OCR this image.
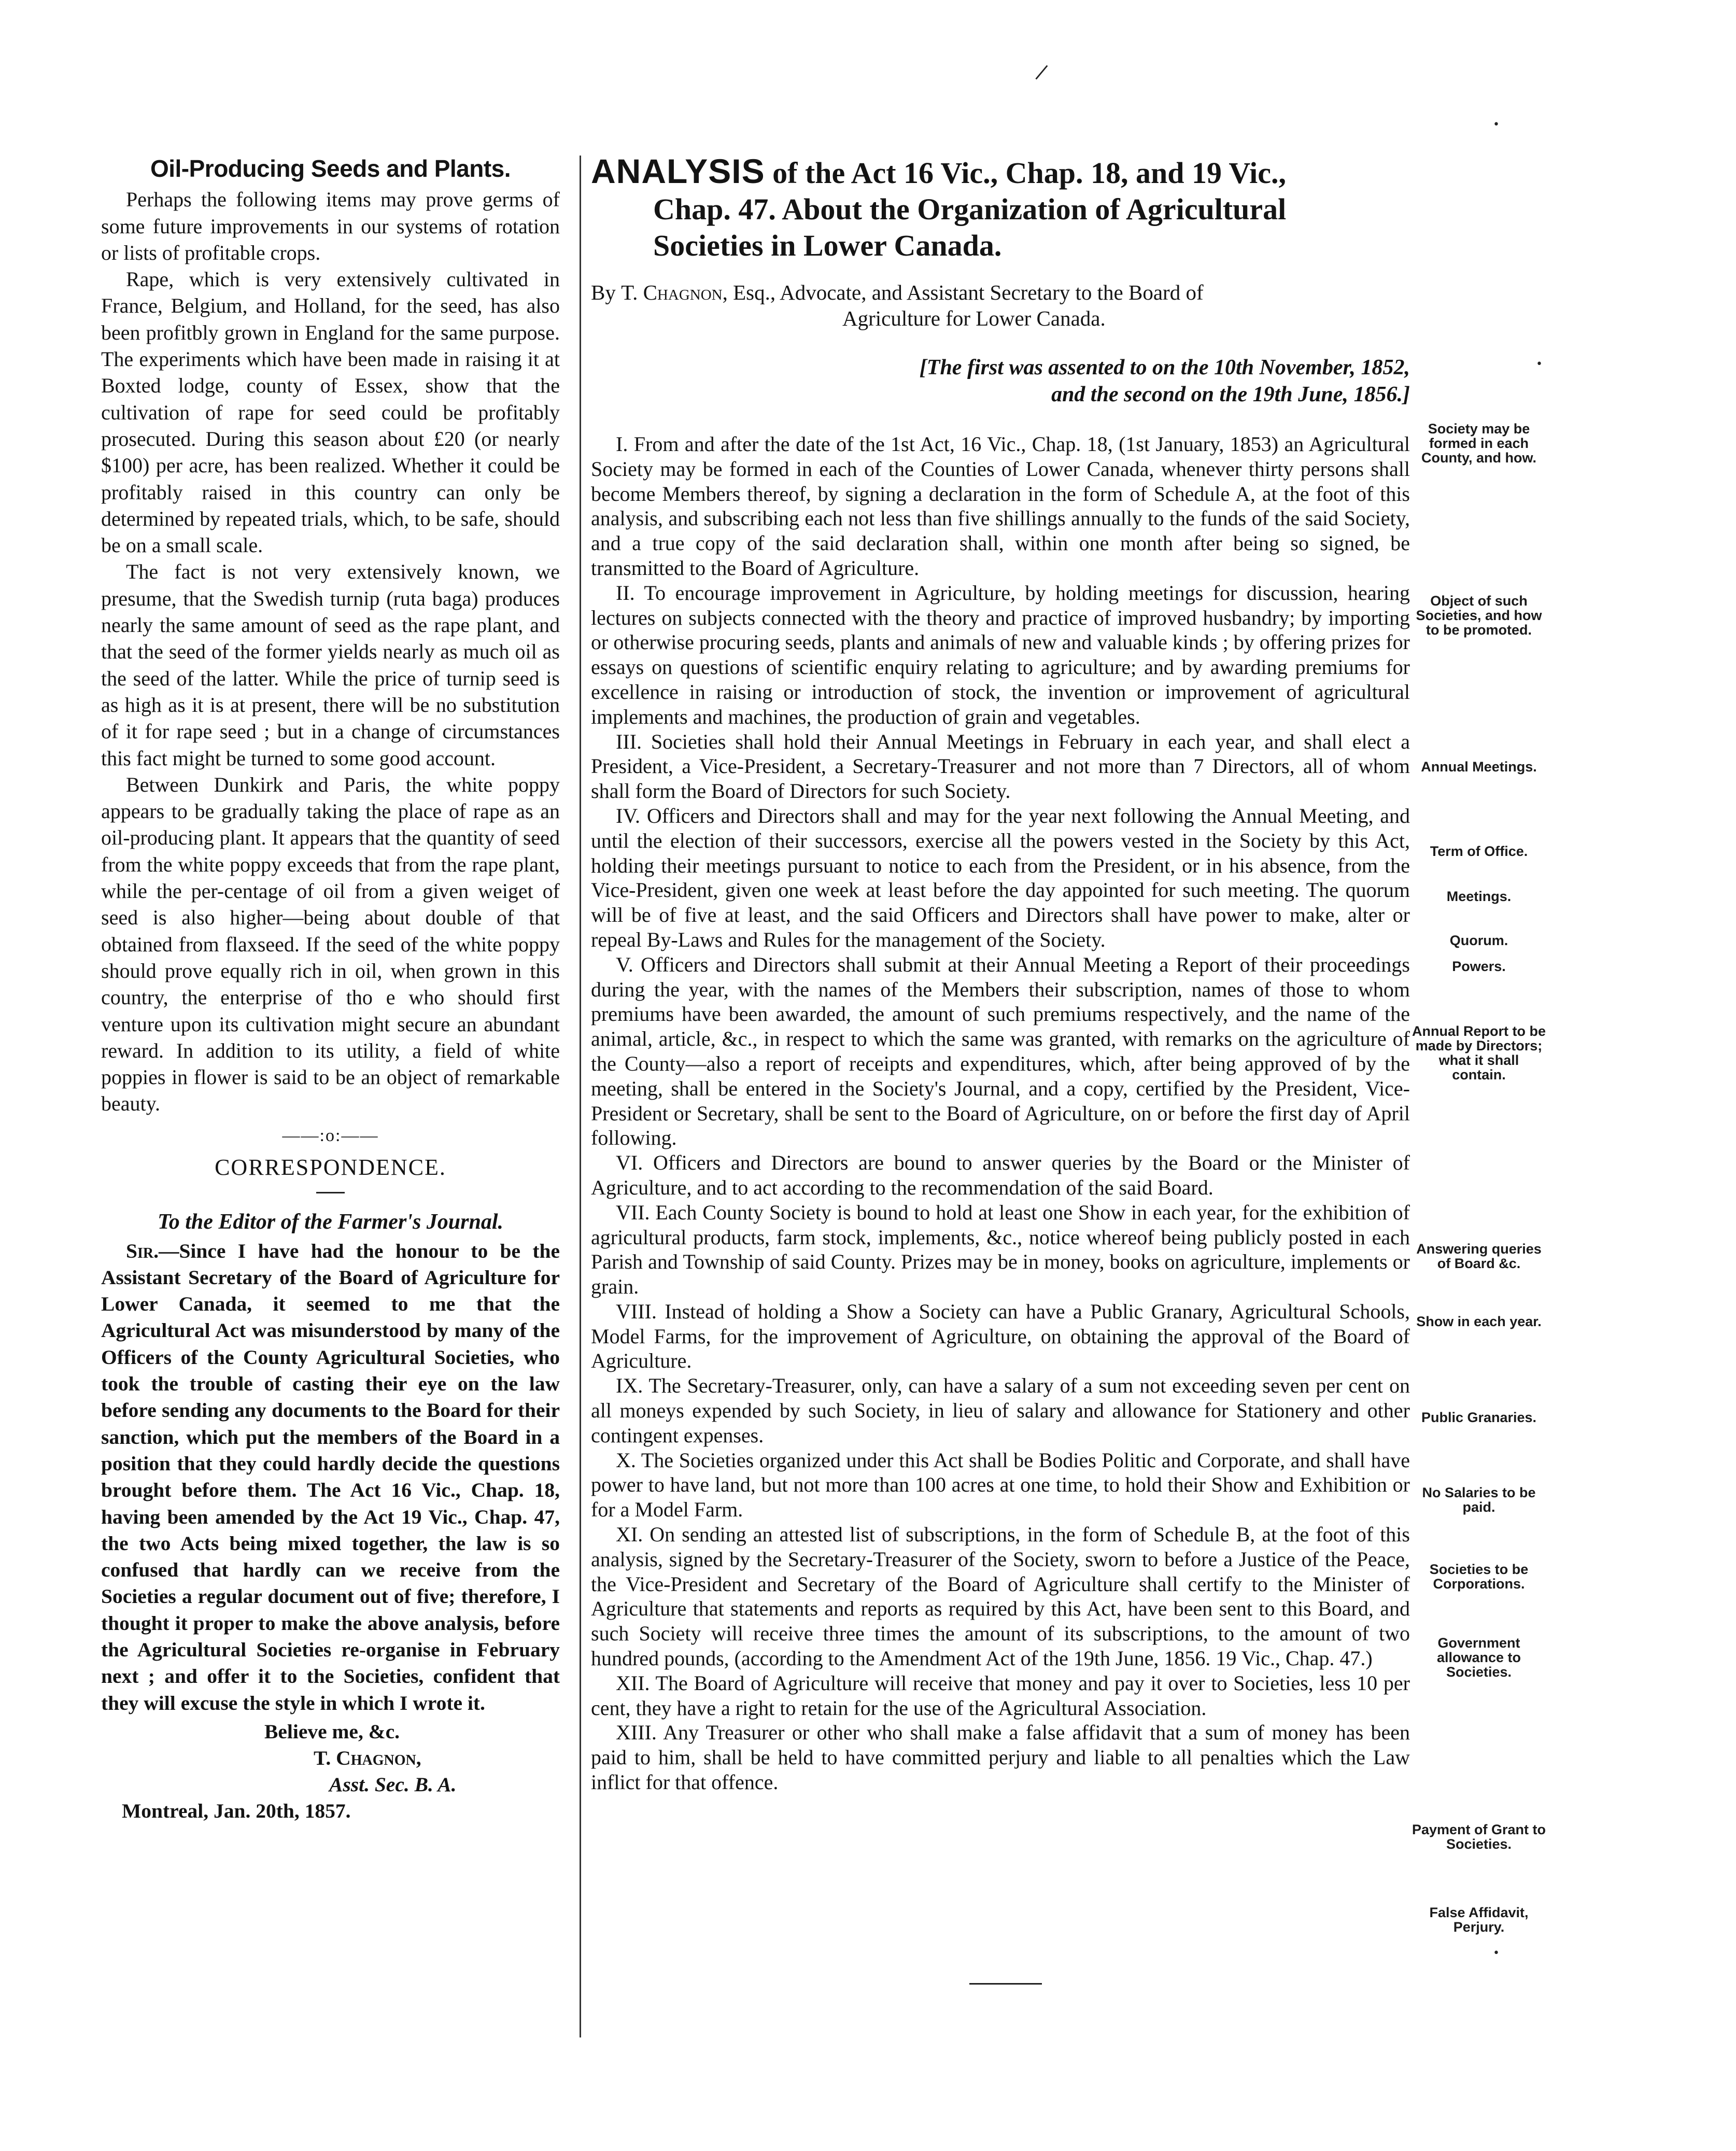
Oil-Producing Seeds and Plants.

Perhaps the following items may prove germs of some future improvements in our systems of rotation or lists of profitable crops.

Rape, which is very extensively cultivated in France, Belgium, and Holland, for the seed, has also been profitbly grown in England for the same purpose. The experiments which have been made in raising it at Boxted lodge, county of Essex, show that the cultivation of rape for seed could be profitably prosecuted. During this season about £20 (or nearly $100) per acre, has been realized. Whether it could be profitably raised in this country can only be determined by repeated trials, which, to be safe, should be on a small scale.

The fact is not very extensively known, we presume, that the Swedish turnip (ruta baga) produces nearly the same amount of seed as the rape plant, and that the seed of the former yields nearly as much oil as the seed of the latter. While the price of turnip seed is as high as it is at present, there will be no substitution of it for rape seed ; but in a change of circumstances this fact might be turned to some good account.

Between Dunkirk and Paris, the white poppy appears to be gradually taking the place of rape as an oil-producing plant. It appears that the quantity of seed from the white poppy exceeds that from the rape plant, while the per-centage of oil from a given weiget of seed is also higher—being about double of that obtained from flaxseed. If the seed of the white poppy should prove equally rich in oil, when grown in this country, the enterprise of tho e who should first venture upon its cultivation might secure an abundant reward. In addition to its utility, a field of white poppies in flower is said to be an object of remarkable beauty.

——:o:——
CORRESPONDENCE.
To the Editor of the Farmer's Journal.

Sir.—Since I have had the honour to be the Assistant Secretary of the Board of Agriculture for Lower Canada, it seemed to me that the Agricultural Act was misunderstood by many of the Officers of the County Agricultural Societies, who took the trouble of casting their eye on the law before sending any documents to the Board for their sanction, which put the members of the Board in a position that they could hardly decide the questions brought before them. The Act 16 Vic., Chap. 18, having been amended by the Act 19 Vic., Chap. 47, the two Acts being mixed together, the law is so confused that hardly can we receive from the Societies a regular document out of five; therefore, I thought it proper to make the above analysis, before the Agricultural Societies re-organise in February next ; and offer it to the Societies, confident that they will excuse the style in which I wrote it.

Believe me, &c.
T. Chagnon,
Asst. Sec. B. A.
Montreal, Jan. 20th, 1857.
ANALYSIS of the Act 16 Vic., Chap. 18, and 19 Vic.,
Chap. 47. About the Organization of Agricultural
Societies in Lower Canada.
By T. Chagnon, Esq., Advocate, and Assistant Secretary to the Board of
Agriculture for Lower Canada.
[The first was assented to on the 10th November, 1852,
and the second on the 19th June, 1856.]

I. From and after the date of the 1st Act, 16 Vic., Chap. 18, (1st January, 1853) an Agricultural Society may be formed in each of the Counties of Lower Canada, whenever thirty persons shall become Members thereof, by signing a declaration in the form of Schedule A, at the foot of this analysis, and subscribing each not less than five shillings annually to the funds of the said Society, and a true copy of the said declaration shall, within one month after being so signed, be transmitted to the Board of Agriculture.

II. To encourage improvement in Agriculture, by holding meetings for discussion, hearing lectures on subjects connected with the theory and practice of improved husbandry; by importing or otherwise procuring seeds, plants and animals of new and valuable kinds ; by offering prizes for essays on questions of scientific enquiry relating to agriculture; and by awarding premiums for excellence in raising or introduction of stock, the invention or improvement of agricultural implements and machines, the production of grain and vegetables.

III. Societies shall hold their Annual Meetings in February in each year, and shall elect a President, a Vice-President, a Secretary-Treasurer and not more than 7 Directors, all of whom shall form the Board of Directors for such Society.

IV. Officers and Directors shall and may for the year next following the Annual Meeting, and until the election of their successors, exercise all the powers vested in the Society by this Act, holding their meetings pursuant to notice to each from the President, or in his absence, from the Vice-President, given one week at least before the day appointed for such meeting. The quorum will be of five at least, and the said Officers and Directors shall have power to make, alter or repeal By-Laws and Rules for the management of the Society.

V. Officers and Directors shall submit at their Annual Meeting a Report of their proceedings during the year, with the names of the Members their subscription, names of those to whom premiums have been awarded, the amount of such premiums respectively, and the name of the animal, article, &c., in respect to which the same was granted, with remarks on the agriculture of the County—also a report of receipts and expenditures, which, after being approved of by the meeting, shall be entered in the Society's Journal, and a copy, certified by the President, Vice-President or Secretary, shall be sent to the Board of Agriculture, on or before the first day of April following.

VI. Officers and Directors are bound to answer queries by the Board or the Minister of Agriculture, and to act according to the recommendation of the said Board.

VII. Each County Society is bound to hold at least one Show in each year, for the exhibition of agricultural products, farm stock, implements, &c., notice whereof being publicly posted in each Parish and Township of said County. Prizes may be in money, books on agriculture, implements or grain.

VIII. Instead of holding a Show a Society can have a Public Granary, Agricultural Schools, Model Farms, for the improvement of Agriculture, on obtaining the approval of the Board of Agriculture.

IX. The Secretary-Treasurer, only, can have a salary of a sum not exceeding seven per cent on all moneys expended by such Society, in lieu of salary and allowance for Stationery and other contingent expenses.

X. The Societies organized under this Act shall be Bodies Politic and Corporate, and shall have power to have land, but not more than 100 acres at one time, to hold their Show and Exhibition or for a Model Farm.

XI. On sending an attested list of subscriptions, in the form of Schedule B, at the foot of this analysis, signed by the Secretary-Treasurer of the Society, sworn to before a Justice of the Peace, the Vice-President and Secretary of the Board of Agriculture shall certify to the Minister of Agriculture that statements and reports as required by this Act, have been sent to this Board, and such Society will receive three times the amount of its subscriptions, to the amount of two hundred pounds, (according to the Amendment Act of the 19th June, 1856. 19 Vic., Chap. 47.)

XII. The Board of Agriculture will receive that money and pay it over to Societies, less 10 per cent, they have a right to retain for the use of the Agricultural Association.

XIII. Any Treasurer or other who shall make a false affidavit that a sum of money has been paid to him, shall be held to have committed perjury and liable to all penalties which the Law inflict for that offence.

Society may be formed in each County, and how.
Object of such Societies, and how to be promoted.
Annual Meetings.
Term of Office.
Meetings.
Quorum.
Powers.
Annual Report to be made by Directors; what it shall contain.
Answering queries of Board &c.
Show in each year.
Public Granaries.
No Salaries to be paid.
Societies to be Corporations.
Government allowance to Societies.
Payment of Grant to Societies.
False Affidavit, Perjury.
|
•
•
•
